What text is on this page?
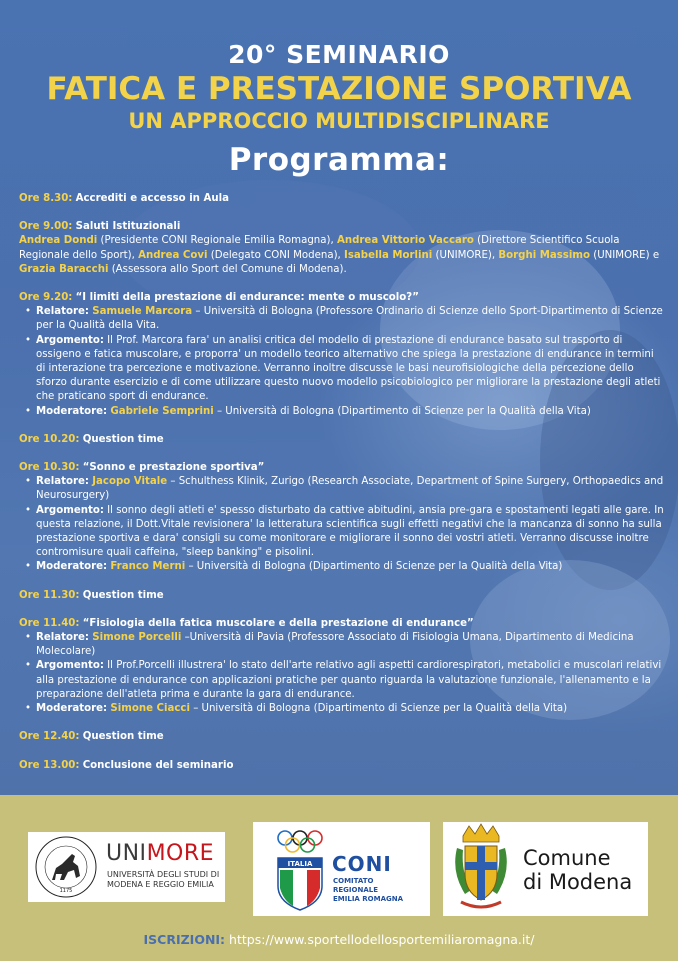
20° SEMINARIO
FATICA E PRESTAZIONE SPORTIVA
UN APPROCCIO MULTIDISCIPLINARE
Programma:

Ore 8.30: Accrediti e accesso in Aula

Ore 9.00: Saluti Istituzionali

Andrea Dondi (Presidente CONI Regionale Emilia Romagna), Andrea Vittorio Vaccaro (Direttore Scientifico Scuola Regionale dello Sport), Andrea Covi (Delegato CONI Modena), Isabella Morlini (UNIMORE), Borghi Massimo (UNIMORE) e Grazia Baracchi (Assessora allo Sport del Comune di Modena).

Ore 9.20: “I limiti della prestazione di endurance: mente o muscolo?”

• Relatore: Samuele Marcora – Università di Bologna (Professore Ordinario di Scienze dello Sport-Dipartimento di Scienze per la Qualità della Vita.
• Argomento: Il Prof. Marcora fara' un analisi critica del modello di prestazione di endurance basato sul trasporto di ossigeno e fatica muscolare, e proporra' un modello teorico alternativo che spiega la prestazione di endurance in termini di interazione tra percezione e motivazione. Verranno inoltre discusse le basi neurofisiologiche della percezione dello sforzo durante esercizio e di come utilizzare questo nuovo modello psicobiologico per migliorare la prestazione degli atleti che praticano sport di endurance.
• Moderatore: Gabriele Semprini – Università di Bologna (Dipartimento di Scienze per la Qualità della Vita)

Ore 10.20: Question time

Ore 10.30: “Sonno e prestazione sportiva”

• Relatore: Jacopo Vitale – Schulthess Klinik, Zurigo (Research Associate, Department of Spine Surgery, Orthopaedics and Neurosurgery)
• Argomento: Il sonno degli atleti e' spesso disturbato da cattive abitudini, ansia pre-gara e spostamenti legati alle gare. In questa relazione, il Dott.Vitale revisionera' la letteratura scientifica sugli effetti negativi che la mancanza di sonno ha sulla prestazione sportiva e dara' consigli su come monitorare e migliorare il sonno dei vostri atleti. Verranno discusse inoltre contromisure quali caffeina, "sleep banking" e pisolini.
• Moderatore: Franco Merni – Università di Bologna (Dipartimento di Scienze per la Qualità della Vita)

Ore 11.30: Question time

Ore 11.40: “Fisiologia della fatica muscolare e della prestazione di endurance”

• Relatore: Simone Porcelli –Università di Pavia (Professore Associato di Fisiologia Umana, Dipartimento di Medicina Molecolare)
• Argomento: Il Prof.Porcelli illustrera' lo stato dell'arte relativo agli aspetti cardiorespiratori, metabolici e muscolari relativi alla prestazione di endurance con applicazioni pratiche per quanto riguarda la valutazione funzionale, l'allenamento e la preparazione dell'atleta prima e durante la gara di endurance.
• Moderatore: Simone Ciacci – Università di Bologna (Dipartimento di Scienze per la Qualità della Vita)

Ore 12.40: Question time

Ore 13.00: Conclusione del seminario

1175
UNIMORE
UNIVERSITÀ DEGLI STUDI DI
MODENA E REGGIO EMILIA
ITALIA CONI
COMITATO
REGIONALE
EMILIA ROMAGNA
Comune
di Modena
ISCRIZIONI: https://www.sportellodellosportemiliaromagna.it/
